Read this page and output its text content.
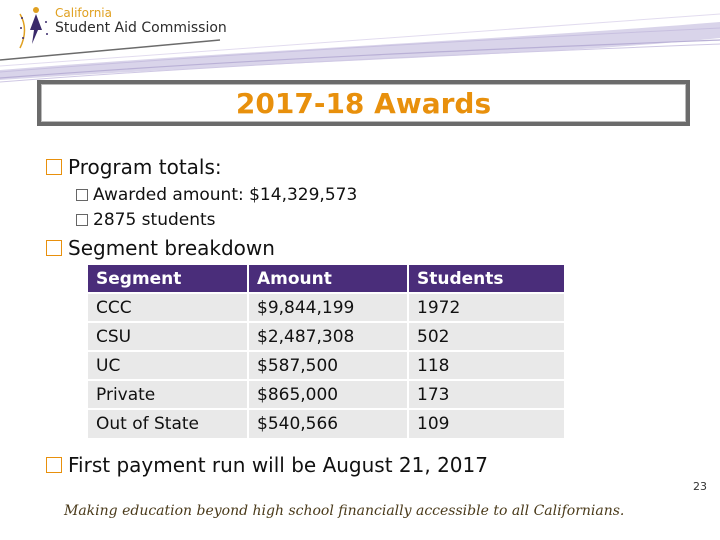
California
Student Aid Commission
2017-18 Awards
Program totals:
Awarded amount: $14,329,573
2875 students
Segment breakdown
Segment	Amount	Students
CCC	$9,844,199	1972
CSU	$2,487,308	502
UC	$587,500	118
Private	$865,000	173
Out of State	$540,566	109
First payment run will be August 21, 2017
23
Making education beyond high school financially accessible to all Californians.
